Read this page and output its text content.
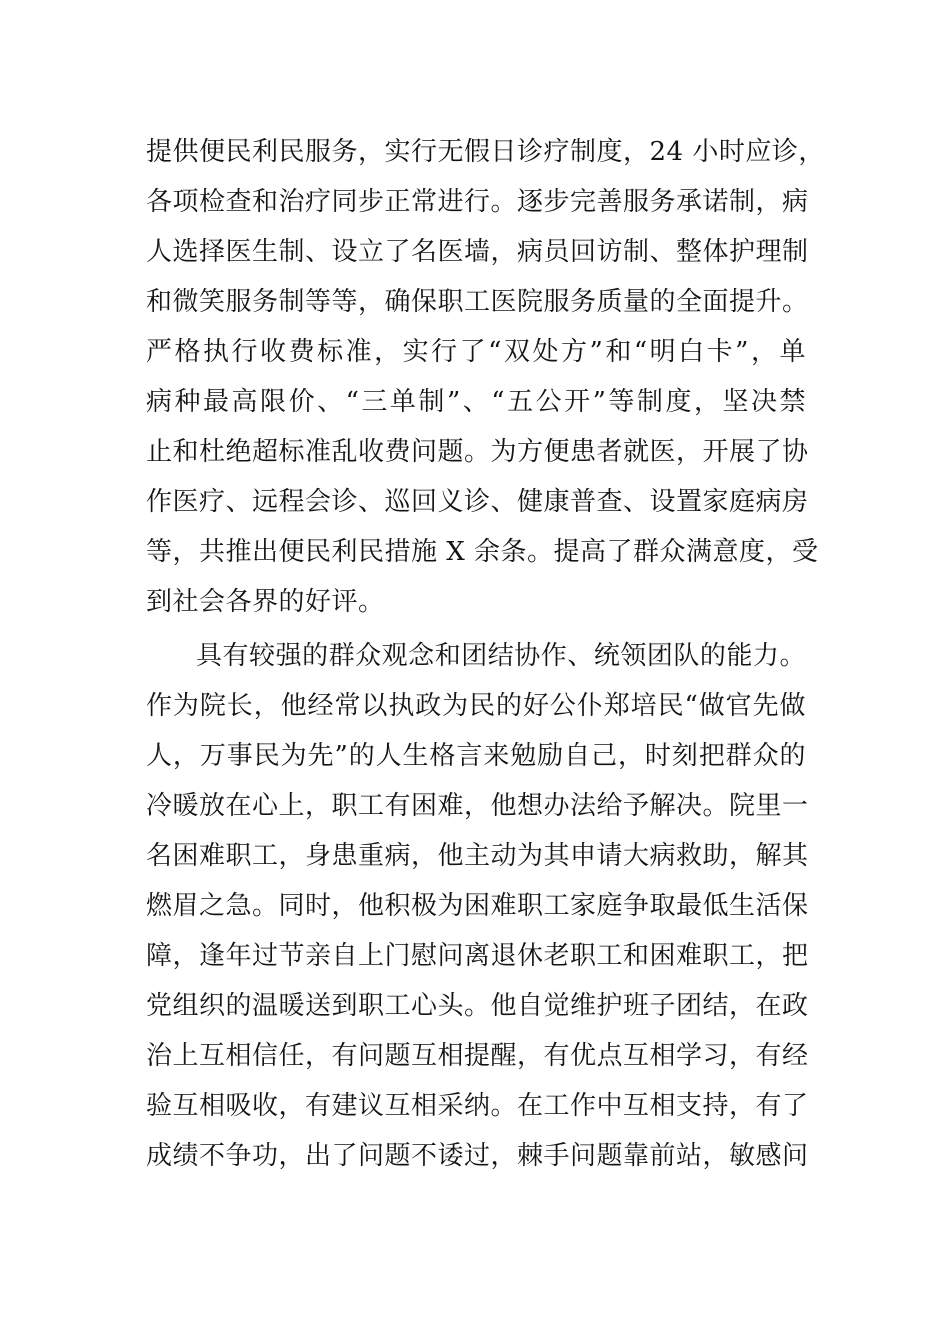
提供便民利民服务，实行无假日诊疗制度，24 小时应诊，
各项检查和治疗同步正常进行。逐步完善服务承诺制，病
人选择医生制、设立了名医墙，病员回访制、整体护理制
和微笑服务制等等，确保职工医院服务质量的全面提升。
严格执行收费标准，实行了“双处方”和“明白卡”，单
病种最高限价、“三单制”、“五公开”等制度，坚决禁
止和杜绝超标准乱收费问题。为方便患者就医，开展了协
作医疗、远程会诊、巡回义诊、健康普查、设置家庭病房
等，共推出便民利民措施 X 余条。提高了群众满意度，受
到社会各界的好评。
具有较强的群众观念和团结协作、统领团队的能力。
作为院长，他经常以执政为民的好公仆郑培民“做官先做
人，万事民为先”的人生格言来勉励自己，时刻把群众的
冷暖放在心上，职工有困难，他想办法给予解决。院里一
名困难职工，身患重病，他主动为其申请大病救助，解其
燃眉之急。同时，他积极为困难职工家庭争取最低生活保
障，逢年过节亲自上门慰问离退休老职工和困难职工，把
党组织的温暖送到职工心头。他自觉维护班子团结，在政
治上互相信任，有问题互相提醒，有优点互相学习，有经
验互相吸收，有建议互相采纳。在工作中互相支持，有了
成绩不争功，出了问题不诿过，棘手问题靠前站，敏感问
